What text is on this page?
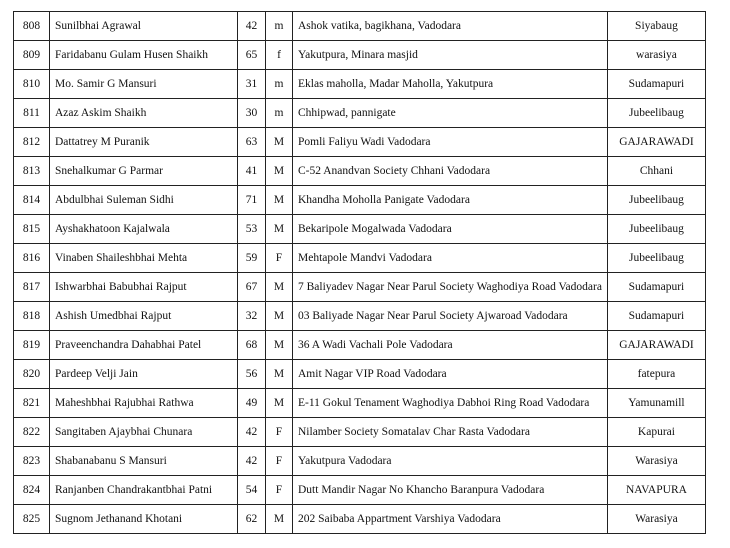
808	Sunilbhai Agrawal	42	m	Ashok vatika, bagikhana, Vadodara	Siyabaug
809	Faridabanu Gulam Husen Shaikh	65	f	Yakutpura, Minara masjid	warasiya
810	Mo. Samir G Mansuri	31	m	Eklas maholla, Madar Maholla, Yakutpura	Sudamapuri
811	Azaz Askim Shaikh	30	m	Chhipwad, pannigate	Jubeelibaug
812	Dattatrey M Puranik	63	M	Pomli Faliyu Wadi Vadodara	GAJARAWADI
813	Snehalkumar G Parmar	41	M	C-52 Anandvan Society Chhani Vadodara	Chhani
814	Abdulbhai Suleman Sidhi	71	M	Khandha Moholla Panigate Vadodara	Jubeelibaug
815	Ayshakhatoon Kajalwala	53	M	Bekaripole Mogalwada Vadodara	Jubeelibaug
816	Vinaben Shaileshbhai Mehta	59	F	Mehtapole Mandvi Vadodara	Jubeelibaug
817	Ishwarbhai Babubhai Rajput	67	M	7 Baliyadev Nagar Near Parul Society Waghodiya Road Vadodara	Sudamapuri
818	Ashish Umedbhai Rajput	32	M	03 Baliyade Nagar Near Parul Society Ajwaroad Vadodara	Sudamapuri
819	Praveenchandra Dahabhai Patel	68	M	36 A Wadi Vachali Pole Vadodara	GAJARAWADI
820	Pardeep Velji Jain	56	M	Amit Nagar VIP Road Vadodara	fatepura
821	Maheshbhai Rajubhai Rathwa	49	M	E-11 Gokul Tenament Waghodiya Dabhoi Ring Road Vadodara	Yamunamill
822	Sangitaben Ajaybhai Chunara	42	F	Nilamber Society Somatalav Char Rasta Vadodara	Kapurai
823	Shabanabanu S Mansuri	42	F	Yakutpura Vadodara	Warasiya
824	Ranjanben Chandrakantbhai Patni	54	F	Dutt Mandir Nagar No Khancho Baranpura Vadodara	NAVAPURA
825	Sugnom Jethanand Khotani	62	M	202 Saibaba Appartment Varshiya Vadodara	Warasiya
